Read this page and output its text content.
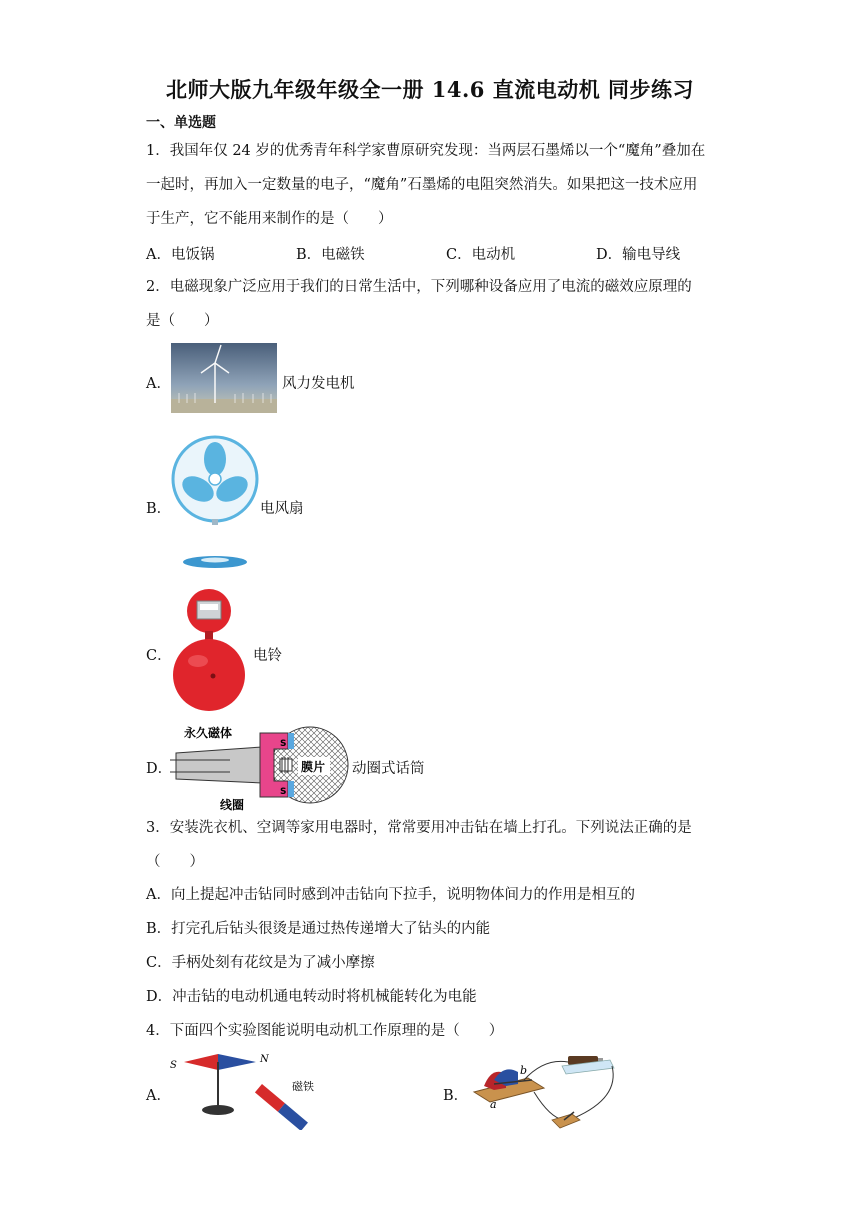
北师大版九年级年级全一册 14.6 直流电动机 同步练习
一、单选题
1．我国年仅 24 岁的优秀青年科学家曹原研究发现：当两层石墨烯以一个“魔角”叠加在
一起时，再加入一定数量的电子，“魔角”石墨烯的电阻突然消失。如果把这一技术应用
于生产，它不能用来制作的是（　　）
A．电饭锅	B．电磁铁	C．电动机	D．输电导线
2．电磁现象广泛应用于我们的日常生活中，下列哪种设备应用了电流的磁效应原理的
是（　　）
A．	风力发电机
B．	电风扇
C．	电铃
D．
永久磁体
膜片
线圈
S
S
动圈式话筒
3．安装洗衣机、空调等家用电器时，常常要用冲击钻在墙上打孔。下列说法正确的是
（　　）
A．向上提起冲击钻同时感到冲击钻向下拉手，说明物体间力的作用是相互的
B．打完孔后钻头很烫是通过热传递增大了钻头的内能
C．手柄处刻有花纹是为了减小摩擦
D．冲击钻的电动机通电转动时将机械能转化为电能
4．下面四个实验图能说明电动机工作原理的是（　　）
A．
S
N
磁铁
B．
a
b
